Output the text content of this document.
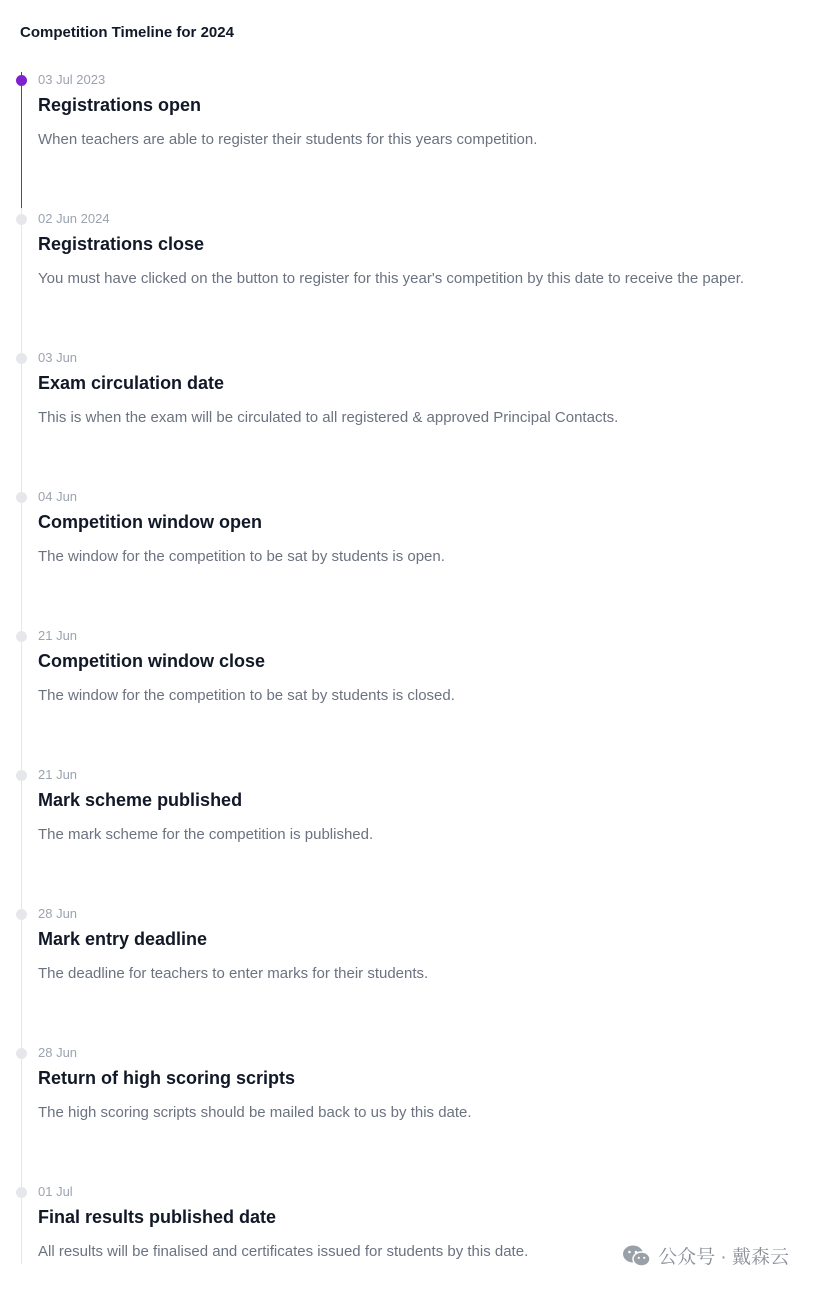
Competition Timeline for 2024
03 Jul 2023
Registrations open
When teachers are able to register their students for this years competition.
02 Jun 2024
Registrations close
You must have clicked on the button to register for this year's competition by this date to receive the paper.
03 Jun
Exam circulation date
This is when the exam will be circulated to all registered & approved Principal Contacts.
04 Jun
Competition window open
The window for the competition to be sat by students is open.
21 Jun
Competition window close
The window for the competition to be sat by students is closed.
21 Jun
Mark scheme published
The mark scheme for the competition is published.
28 Jun
Mark entry deadline
The deadline for teachers to enter marks for their students.
28 Jun
Return of high scoring scripts
The high scoring scripts should be mailed back to us by this date.
01 Jul
Final results published date
All results will be finalised and certificates issued for students by this date.	公众号 · 戴森云
